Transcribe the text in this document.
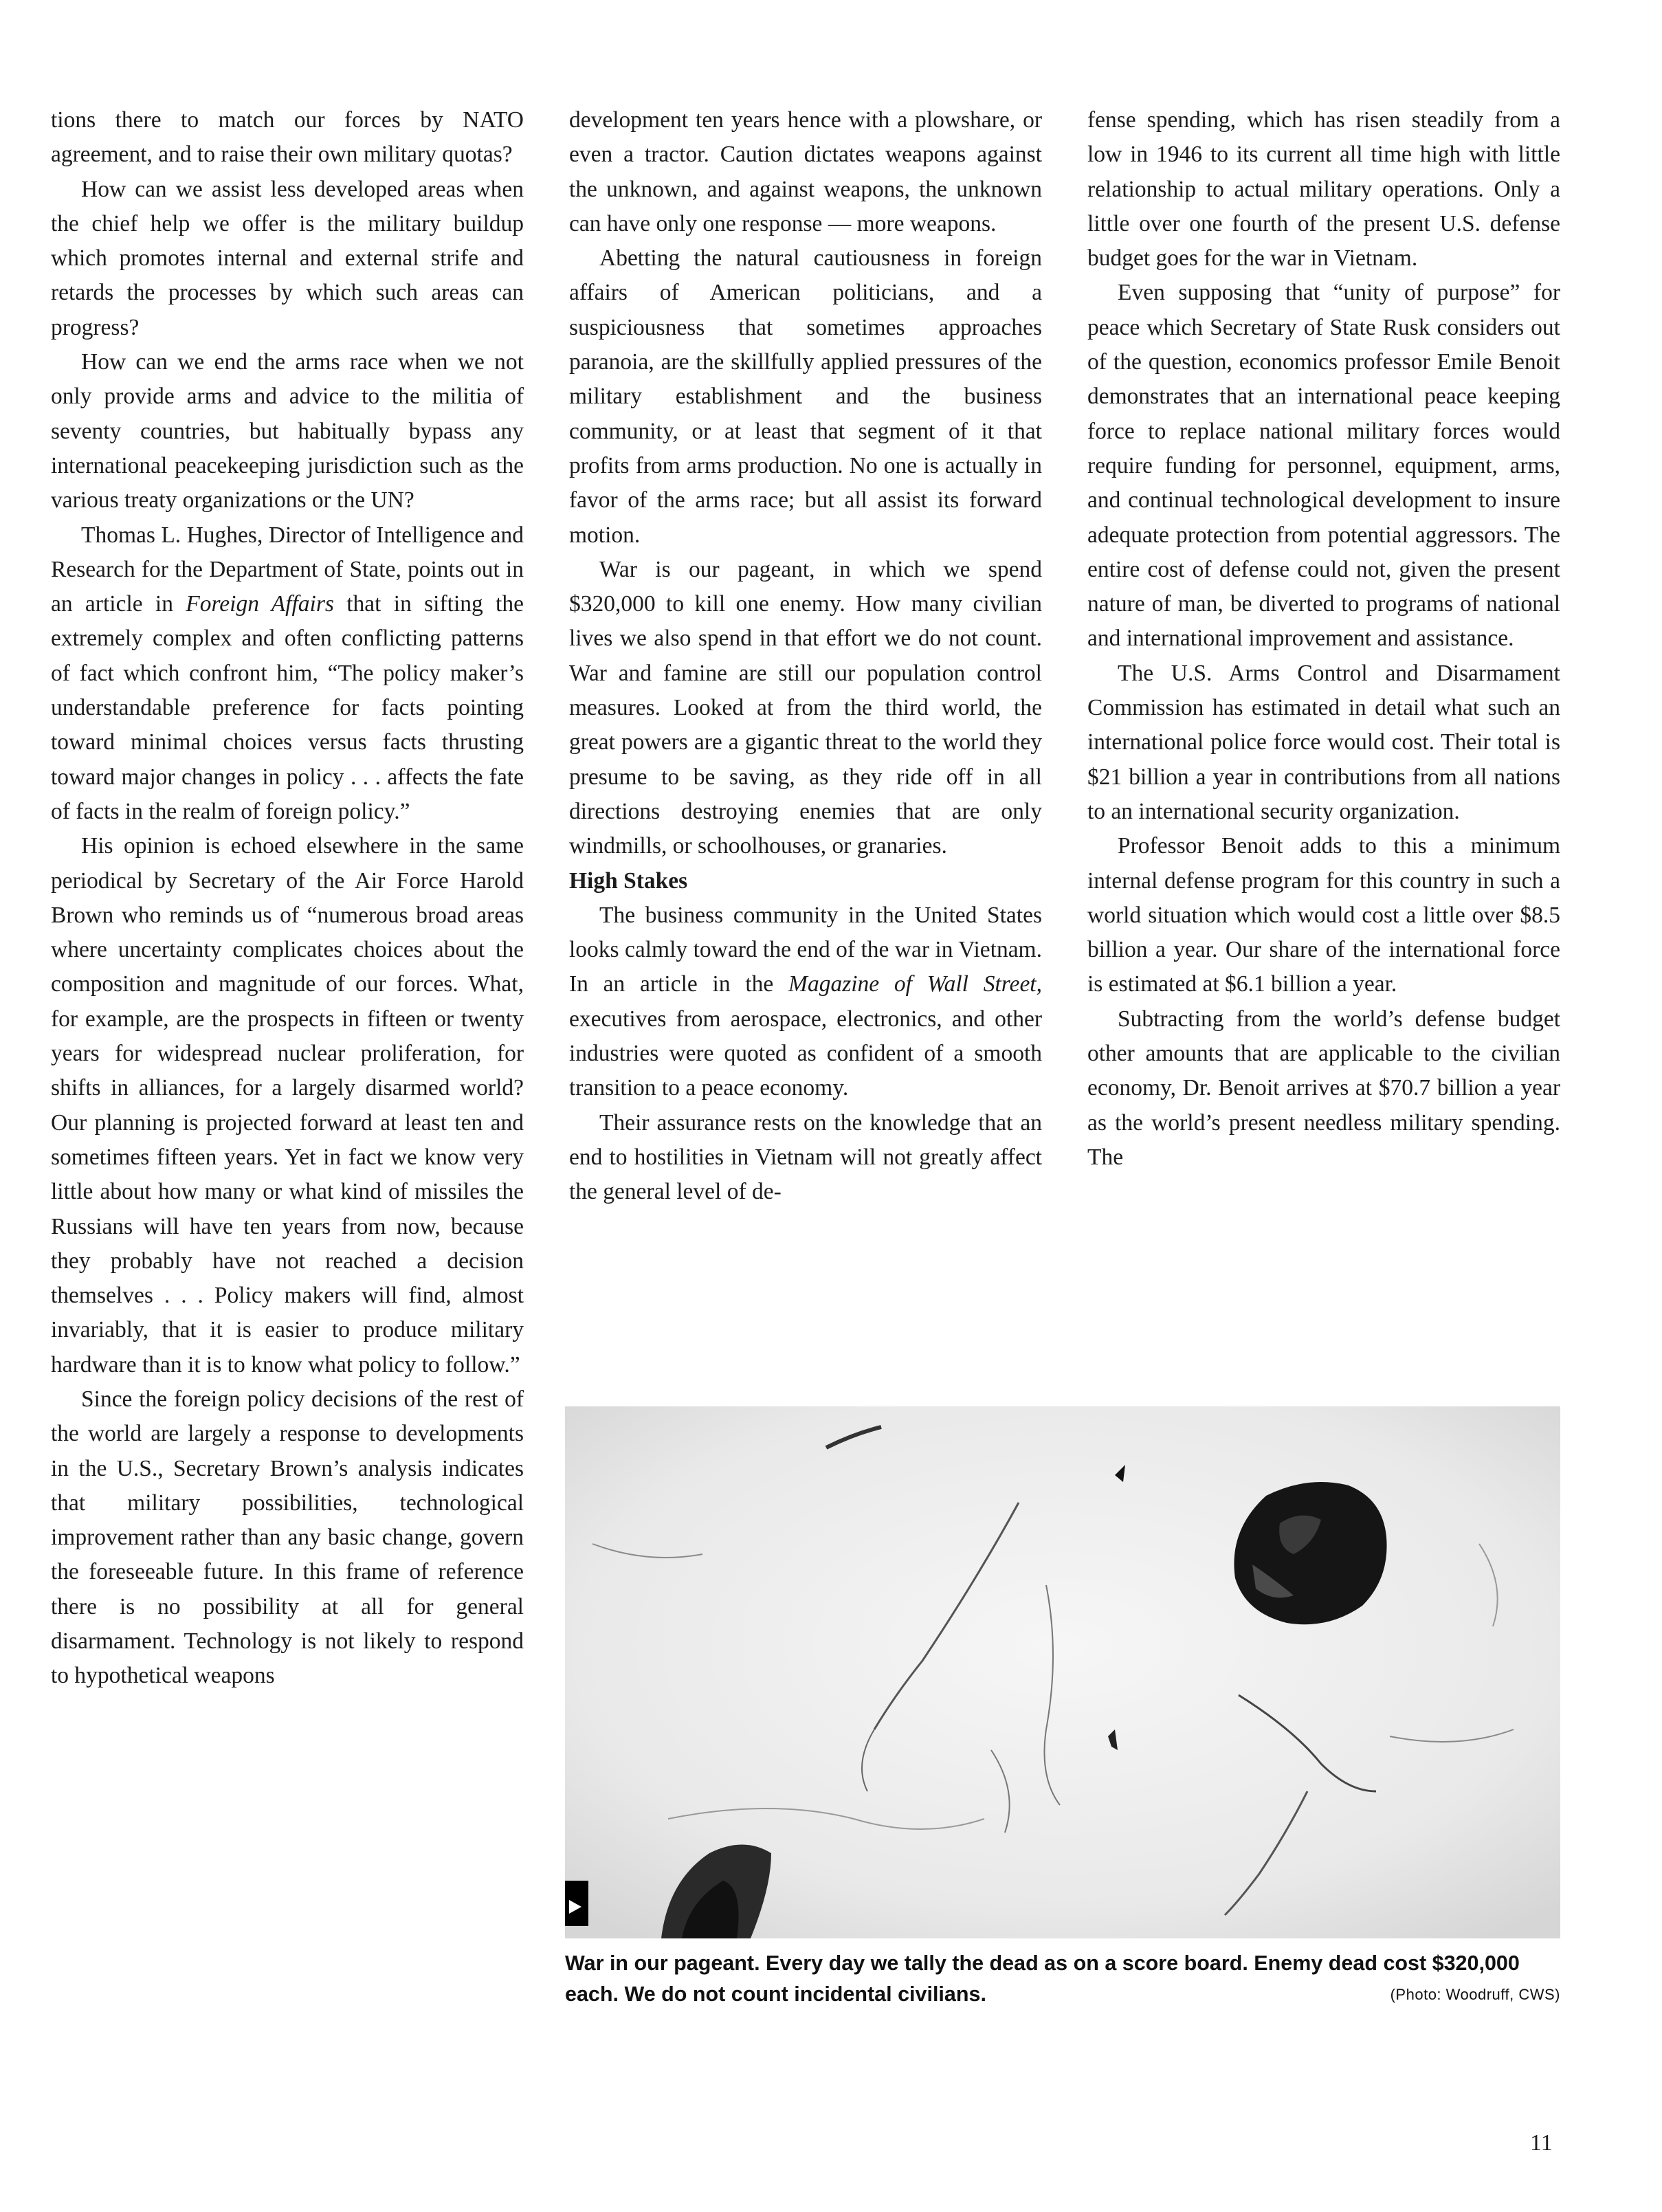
tions there to match our forces by NATO agreement, and to raise their own military quotas?

How can we assist less developed areas when the chief help we offer is the military buildup which promotes internal and external strife and retards the processes by which such areas can progress?

How can we end the arms race when we not only provide arms and advice to the militia of seventy countries, but habitually bypass any international peacekeeping jurisdiction such as the various treaty organizations or the UN?

Thomas L. Hughes, Director of Intelligence and Research for the Department of State, points out in an article in Foreign Affairs that in sifting the extremely complex and often conflicting patterns of fact which confront him, “The policy maker’s understandable preference for facts pointing toward minimal choices versus facts thrusting toward major changes in policy . . . affects the fate of facts in the realm of foreign policy.”

His opinion is echoed elsewhere in the same periodical by Secretary of the Air Force Harold Brown who reminds us of “numerous broad areas where uncertainty complicates choices about the composition and magnitude of our forces. What, for example, are the prospects in fifteen or twenty years for widespread nuclear proliferation, for shifts in alliances, for a largely disarmed world? Our planning is projected forward at least ten and sometimes fifteen years. Yet in fact we know very little about how many or what kind of missiles the Russians will have ten years from now, because they probably have not reached a decision themselves . . . Policy makers will find, almost invariably, that it is easier to produce military hardware than it is to know what policy to follow.”

Since the foreign policy decisions of the rest of the world are largely a response to developments in the U.S., Secretary Brown’s analysis indicates that military possibilities, technological improvement rather than any basic change, govern the foreseeable future. In this frame of reference there is no possibility at all for general disarmament. Technology is not likely to respond to hypothetical weapons

development ten years hence with a plowshare, or even a tractor. Caution dictates weapons against the unknown, and against weapons, the unknown can have only one response — more weapons.

Abetting the natural cautiousness in foreign affairs of American politicians, and a suspiciousness that sometimes approaches paranoia, are the skillfully applied pressures of the military establishment and the business community, or at least that segment of it that profits from arms production. No one is actually in favor of the arms race; but all assist its forward motion.

War is our pageant, in which we spend $320,000 to kill one enemy. How many civilian lives we also spend in that effort we do not count. War and famine are still our population control measures. Looked at from the third world, the great powers are a gigantic threat to the world they presume to be saving, as they ride off in all directions destroying enemies that are only windmills, or schoolhouses, or granaries.

High Stakes

The business community in the United States looks calmly toward the end of the war in Vietnam. In an article in the Magazine of Wall Street, executives from aerospace, electronics, and other industries were quoted as confident of a smooth transition to a peace economy.

Their assurance rests on the knowledge that an end to hostilities in Vietnam will not greatly affect the general level of de-

fense spending, which has risen steadily from a low in 1946 to its current all time high with little relationship to actual military operations. Only a little over one fourth of the present U.S. defense budget goes for the war in Vietnam.

Even supposing that “unity of purpose” for peace which Secretary of State Rusk considers out of the question, economics professor Emile Benoit demonstrates that an international peace keeping force to replace national military forces would require funding for personnel, equipment, arms, and continual technological development to insure adequate protection from potential aggressors. The entire cost of defense could not, given the present nature of man, be diverted to programs of national and international improvement and assistance.

The U.S. Arms Control and Disarmament Commission has estimated in detail what such an international police force would cost. Their total is $21 billion a year in contributions from all nations to an international security organization.

Professor Benoit adds to this a minimum internal defense program for this country in such a world situation which would cost a little over $8.5 billion a year. Our share of the international force is estimated at $6.1 billion a year.

Subtracting from the world’s defense budget other amounts that are applicable to the civilian economy, Dr. Benoit arrives at $70.7 billion a year as the world’s present needless military spending. The

War in our pageant. Every day we tally the dead as on a score board. Enemy dead cost $320,000 each. We do not count incidental civilians.	(Photo: Woodruff, CWS)
11
